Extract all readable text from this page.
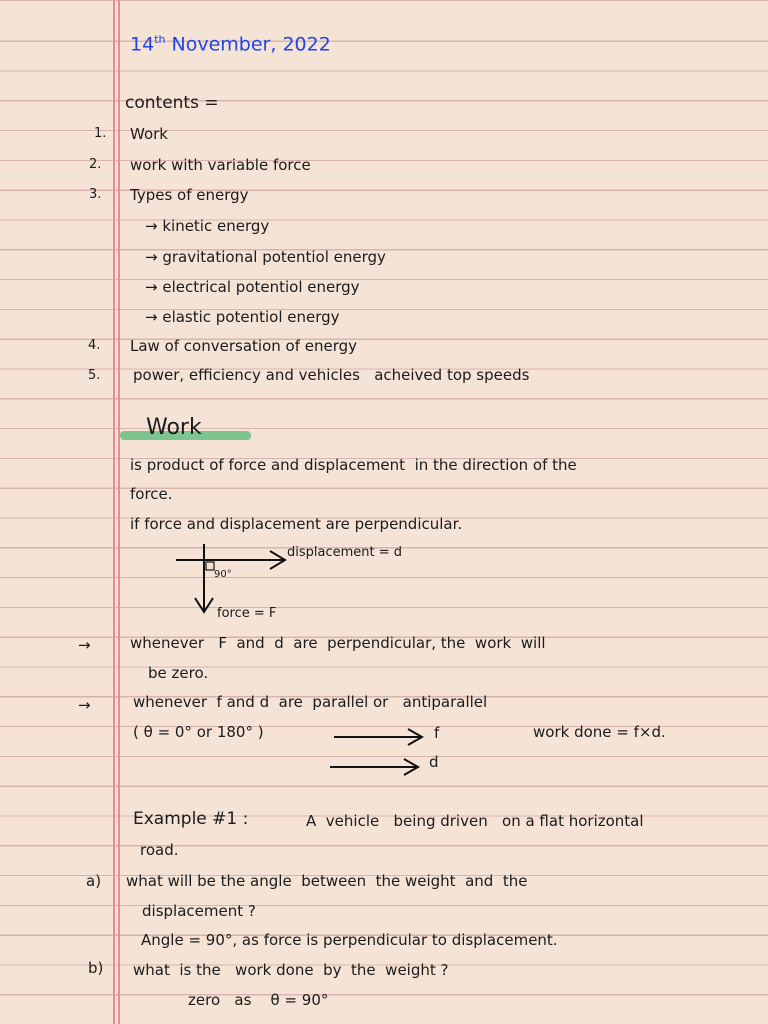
14th November, 2022
contents =
1. Work
2. work with variable force
3. Types of energy
→ kinetic energy
→ gravitational potentiol energy
→ electrical potentiol energy
→ elastic potentiol energy
4. Law of conversation of energy
5. power, efficiency and vehicles   acheived top speeds
Work
is product of force and displacement  in the direction of the
force.
if force and displacement are perpendicular.
displacement = d
90°
force = F
→	whenever   F  and  d  are  perpendicular, the  work  will
be zero.
→	whenever  f and d  are  parallel or   antiparallel
( θ = 0° or 180° )	f
d
work done = f×d.
Example #1 :	A  vehicle   being driven   on a flat horizontal
road.
a) what will be the angle  between  the weight  and  the
displacement ?
Angle = 90°, as force is perpendicular to displacement.
b) what  is the   work done  by  the  weight ?
zero   as    θ = 90°
